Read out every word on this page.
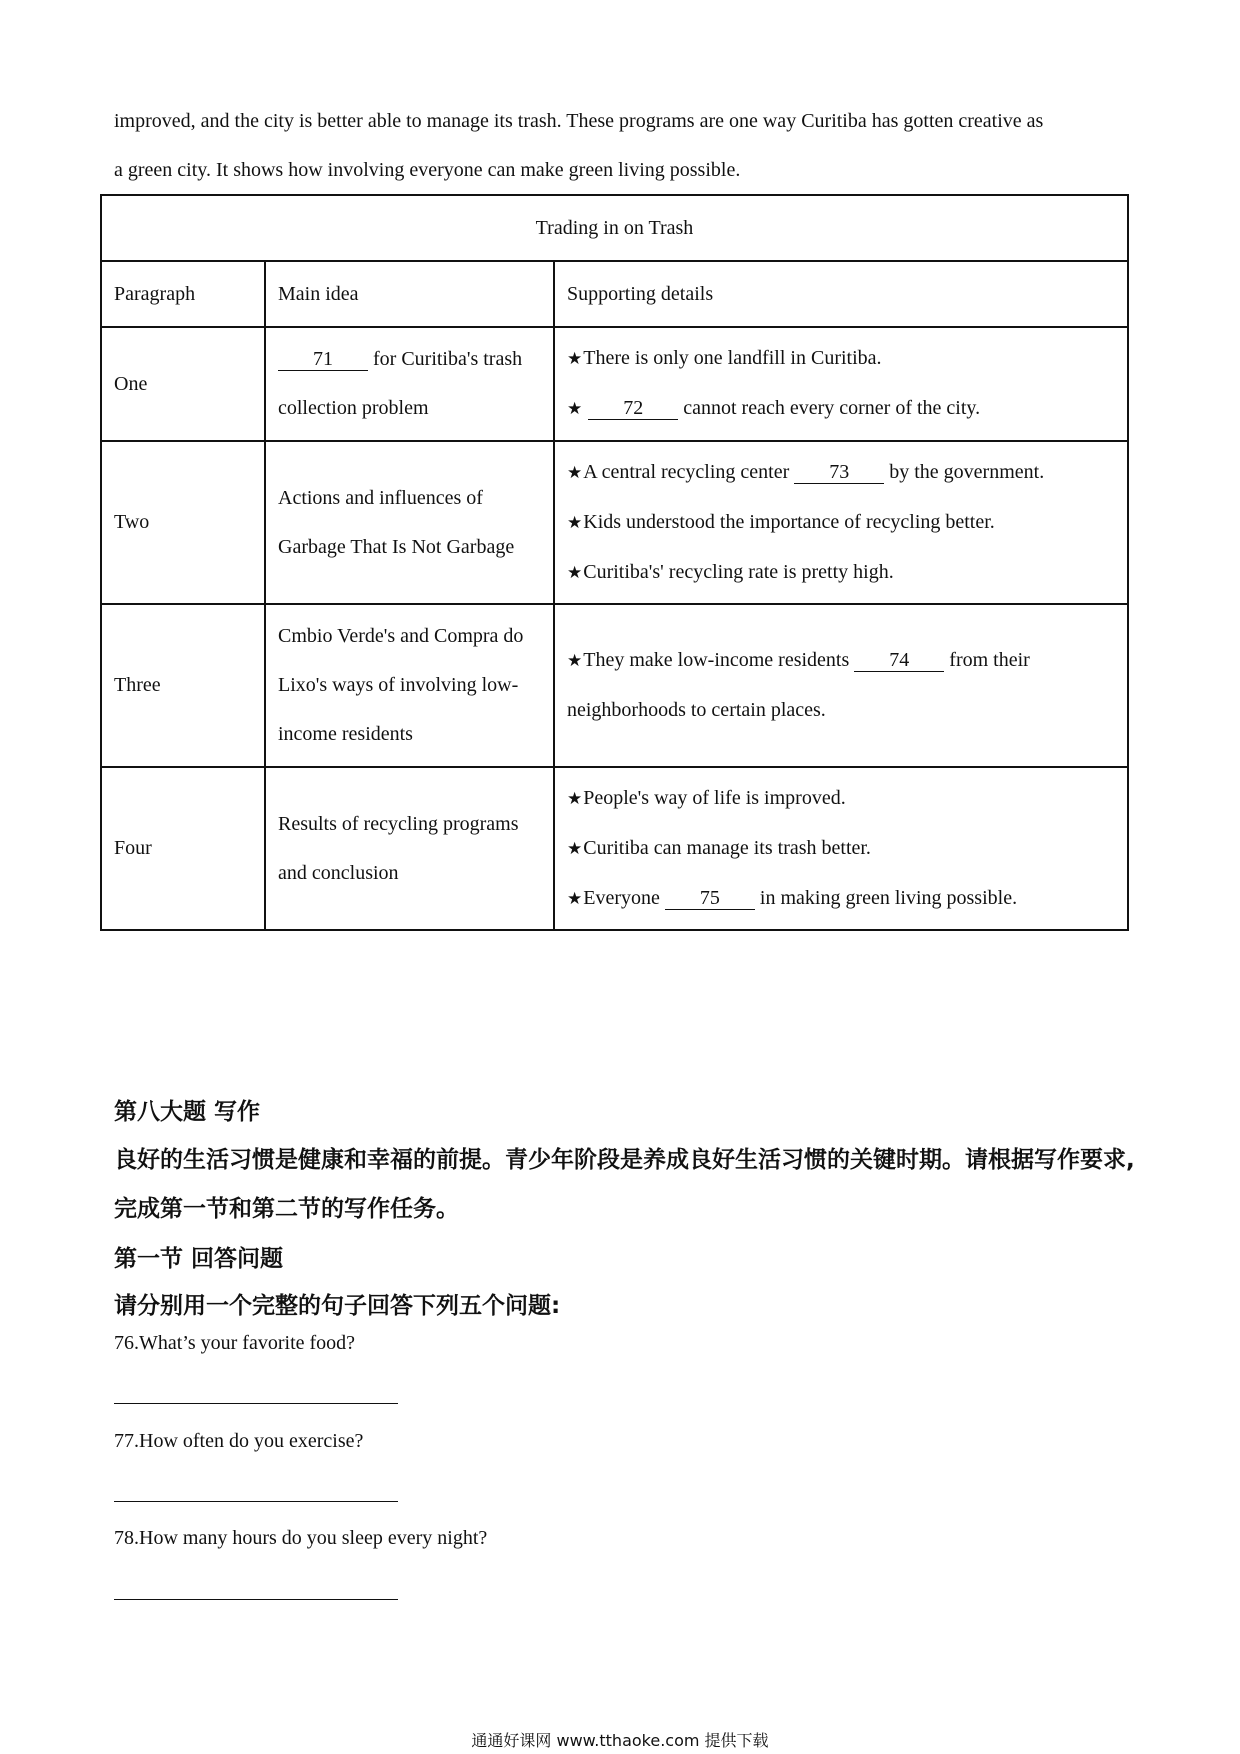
improved, and the city is better able to manage its trash. These programs are one way Curitiba has gotten creative as

a green city. It shows how involving everyone can make green living possible.

Trading in on Trash		
Paragraph	Main idea	Supporting details
One	71 for Curitiba's trash collection problem	★There is only one landfill in Curitiba.
★ 72 cannot reach every corner of the city.

Two	Actions and influences of Garbage That Is Not Garbage	★A central recycling center 73 by the government.
★Kids understood the importance of recycling better.
★Curitiba's' recycling rate is pretty high.

Three	Cmbio Verde's and Compra do Lixo's ways of involving low-income residents	★They make low-income residents 74 from their neighborhoods to certain places.
Four	Results of recycling programs and conclusion	★People's way of life is improved.
★Curitiba can manage its trash better.
★Everyone 75 in making green living possible.

第八大题 写作

良好的生活习惯是健康和幸福的前提。青少年阶段是养成良好生活习惯的关键时期。请根据写作要求,完成第一节和第二节的写作任务。

第一节 回答问题

请分别用一个完整的句子回答下列五个问题:

76.What’s your favorite food?

77.How often do you exercise?

78.How many hours do you sleep every night?

通通好课网 www.tthaoke.com 提供下载
